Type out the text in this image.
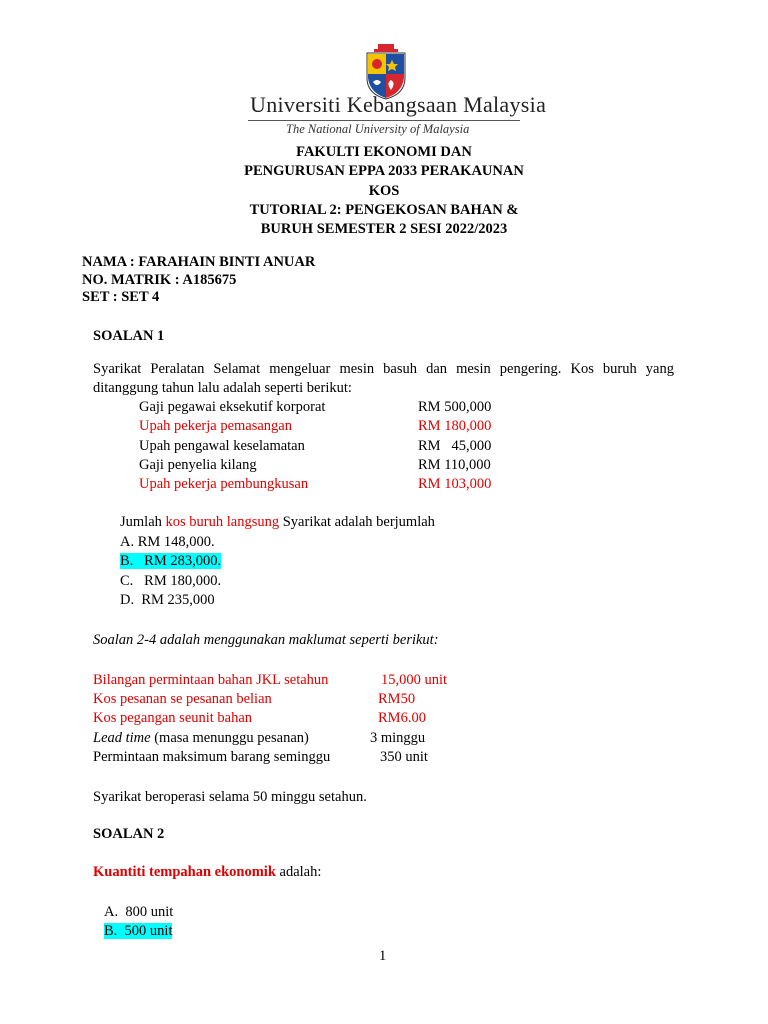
Universiti Kebangsaan Malaysia
The National University of Malaysia
FAKULTI EKONOMI DAN
PENGURUSAN EPPA 2033 PERAKAUNAN
KOS
TUTORIAL 2: PENGEKOSAN BAHAN &
BURUH SEMESTER 2 SESI 2022/2023
NAMA : FARAHAIN BINTI ANUAR
NO. MATRIK : A185675
SET : SET 4
SOALAN 1
Syarikat Peralatan Selamat mengeluar mesin basuh dan mesin pengering. Kos buruh yang
ditanggung tahun lalu adalah seperti berikut:
Gaji pegawai eksekutif korporat	RM 500,000
Upah pekerja pemasangan	RM 180,000
Upah pengawal keselamatan	RM   45,000
Gaji penyelia kilang	RM 110,000
Upah pekerja pembungkusan	RM 103,000
Jumlah kos buruh langsung Syarikat adalah berjumlah
A. RM 148,000.
B.   RM 283,000.
C.   RM 180,000.
D.  RM 235,000
Soalan 2-4 adalah menggunakan maklumat seperti berikut:
Bilangan permintaan bahan JKL setahun	15,000 unit
Kos pesanan se pesanan belian	RM50
Kos pegangan seunit bahan	RM6.00
Lead time (masa menunggu pesanan)	3 minggu
Permintaan maksimum barang seminggu	350 unit
Syarikat beroperasi selama 50 minggu setahun.
SOALAN 2
Kuantiti tempahan ekonomik adalah:
A.  800 unit
B.  500 unit
1
